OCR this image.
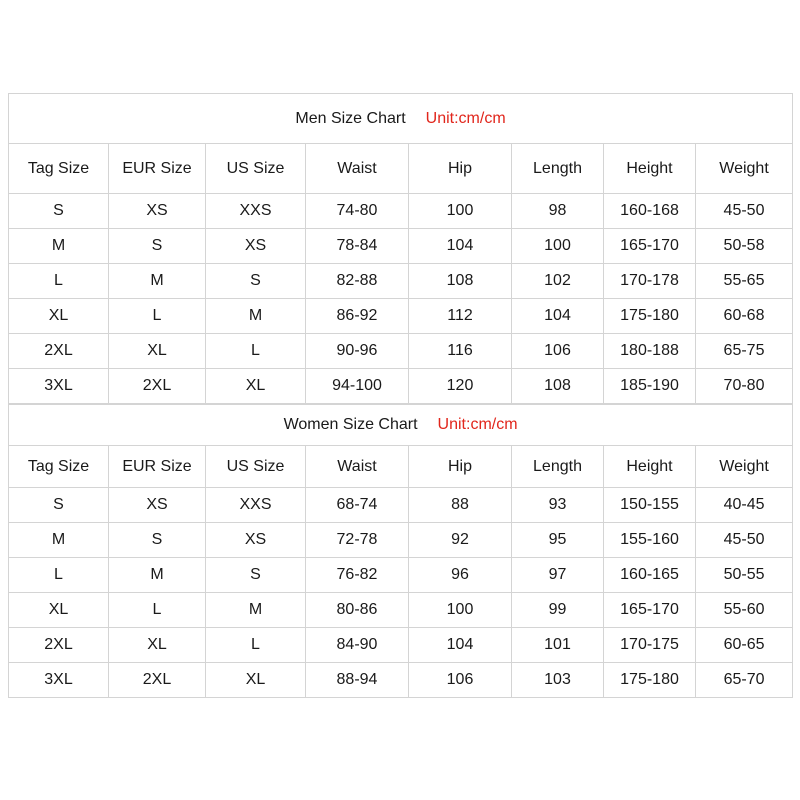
Men Size Chart Unit:cm/cm							
Tag Size	EUR Size	US Size	Waist	Hip	Length	Height	Weight
S	XS	XXS	74-80	100	98	160-168	45-50
M	S	XS	78-84	104	100	165-170	50-58
L	M	S	82-88	108	102	170-178	55-65
XL	L	M	86-92	112	104	175-180	60-68
2XL	XL	L	90-96	116	106	180-188	65-75
3XL	2XL	XL	94-100	120	108	185-190	70-80
Women Size Chart Unit:cm/cm							
Tag Size	EUR Size	US Size	Waist	Hip	Length	Height	Weight
S	XS	XXS	68-74	88	93	150-155	40-45
M	S	XS	72-78	92	95	155-160	45-50
L	M	S	76-82	96	97	160-165	50-55
XL	L	M	80-86	100	99	165-170	55-60
2XL	XL	L	84-90	104	101	170-175	60-65
3XL	2XL	XL	88-94	106	103	175-180	65-70
